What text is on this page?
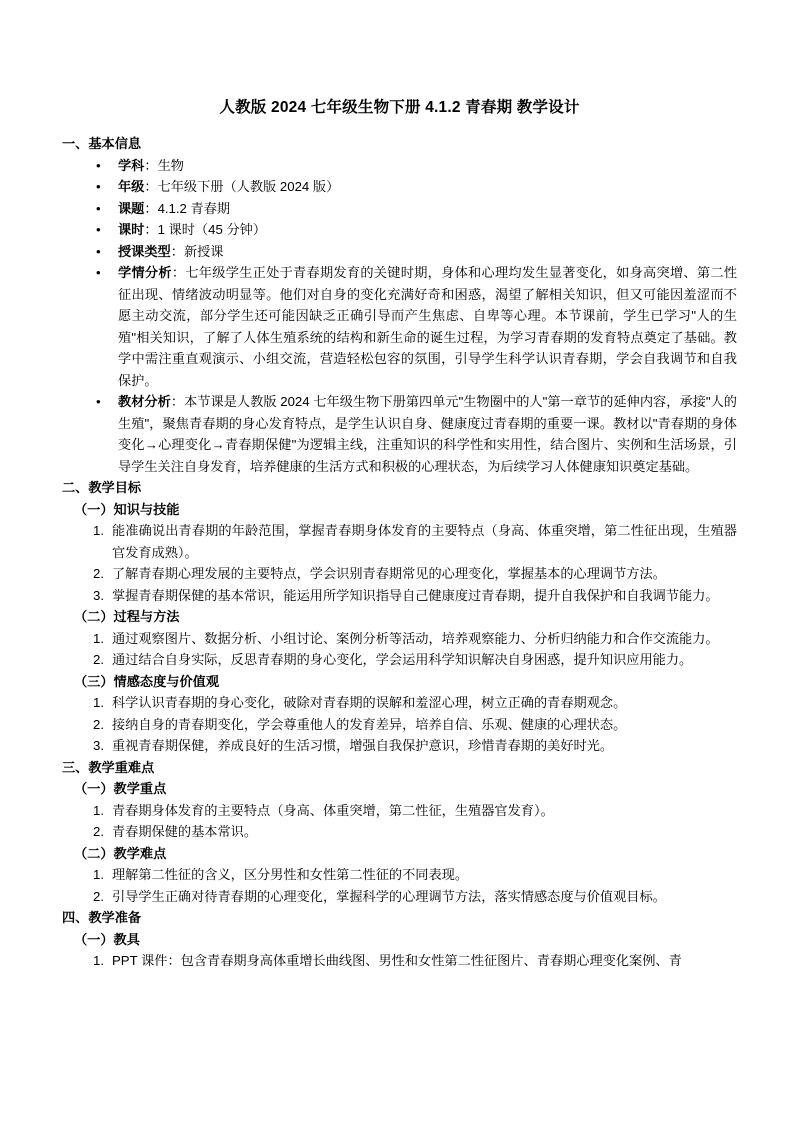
人教版 2024 七年级生物下册 4.1.2 青春期 教学设计
一、基本信息
• 学科：生物
• 年级：七年级下册（人教版 2024 版）
• 课题：4.1.2 青春期
• 课时：1 课时（45 分钟）
• 授课类型：新授课
• 学情分析：七年级学生正处于青春期发育的关键时期，身体和心理均发生显著变化，如身高突增、第二性征出现、情绪波动明显等。他们对自身的变化充满好奇和困惑，渴望了解相关知识，但又可能因羞涩而不愿主动交流，部分学生还可能因缺乏正确引导而产生焦虑、自卑等心理。本节课前，学生已学习"人的生殖"相关知识，了解了人体生殖系统的结构和新生命的诞生过程，为学习青春期的发育特点奠定了基础。教学中需注重直观演示、小组交流，营造轻松包容的氛围，引导学生科学认识青春期，学会自我调节和自我保护。
• 教材分析：本节课是人教版 2024 七年级生物下册第四单元"生物圈中的人"第一章节的延伸内容，承接"人的生殖"，聚焦青春期的身心发育特点，是学生认识自身、健康度过青春期的重要一课。教材以"青春期的身体变化→心理变化→青春期保健"为逻辑主线，注重知识的科学性和实用性，结合图片、实例和生活场景，引导学生关注自身发育，培养健康的生活方式和积极的心理状态，为后续学习人体健康知识奠定基础。
二、教学目标
（一）知识与技能
能准确说出青春期的年龄范围，掌握青春期身体发育的主要特点（身高、体重突增，第二性征出现，生殖器官发育成熟）。
了解青春期心理发展的主要特点，学会识别青春期常见的心理变化，掌握基本的心理调节方法。
掌握青春期保健的基本常识，能运用所学知识指导自己健康度过青春期，提升自我保护和自我调节能力。
（二）过程与方法
通过观察图片、数据分析、小组讨论、案例分析等活动，培养观察能力、分析归纳能力和合作交流能力。
通过结合自身实际，反思青春期的身心变化，学会运用科学知识解决自身困惑，提升知识应用能力。
（三）情感态度与价值观
科学认识青春期的身心变化，破除对青春期的误解和羞涩心理，树立正确的青春期观念。
接纳自身的青春期变化，学会尊重他人的发育差异，培养自信、乐观、健康的心理状态。
重视青春期保健，养成良好的生活习惯，增强自我保护意识，珍惜青春期的美好时光。
三、教学重难点
（一）教学重点
青春期身体发育的主要特点（身高、体重突增，第二性征，生殖器官发育）。
青春期保健的基本常识。
（二）教学难点
理解第二性征的含义，区分男性和女性第二性征的不同表现。
引导学生正确对待青春期的心理变化，掌握科学的心理调节方法，落实情感态度与价值观目标。
四、教学准备
（一）教具
PPT 课件：包含青春期身高体重增长曲线图、男性和女性第二性征图片、青春期心理变化案例、青
